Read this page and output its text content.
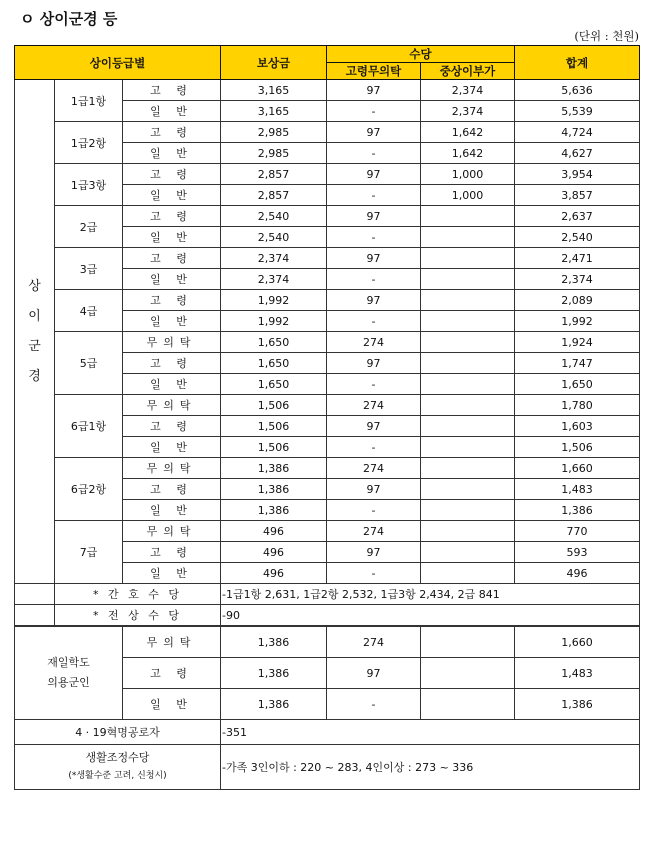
ㅇ 상이군경 등
(단위 : 천원)
상이등급별			보상금	수당		합계
				고령무의탁	중상이부가	

상
이
군
경	1급1항	고 령	3,165	97	2,374	5,636
		일 반	3,165	-	2,374	5,539
	1급2항	고 령	2,985	97	1,642	4,724
		일 반	2,985	-	1,642	4,627
	1급3항	고 령	2,857	97	1,000	3,954
		일 반	2,857	-	1,000	3,857
	2급	고 령	2,540	97		2,637
		일 반	2,540	-		2,540
	3급	고 령	2,374	97		2,471
		일 반	2,374	-		2,374
	4급	고 령	1,992	97		2,089
		일 반	1,992	-		1,992
	5급	무의탁	1,650	274		1,924
		고 령	1,650	97		1,747
		일 반	1,650	-		1,650
	6급1항	무의탁	1,506	274		1,780
		고 령	1,506	97		1,603
		일 반	1,506	-		1,506
	6급2항	무의탁	1,386	274		1,660
		고 령	1,386	97		1,483
		일 반	1,386	-		1,386
	7급	무의탁	496	274		770
		고 령	496	97		593
		일 반	496	-		496
	* 간 호 수 당		-1급1항 2,631, 1급2항 2,532, 1급3항 2,434, 2급 841			
	* 전 상 수 당		-90			

재일학도
의용군인		무의탁	1,386	274		1,660
		고 령	1,386	97		1,483
		일 반	1,386	-		1,386
4 · 19혁명공로자			-351			

생활조정수당
(*생활수준 고려, 신청시)			-가족 3인이하 : 220 ~ 283, 4인이상 : 273 ~ 336			
